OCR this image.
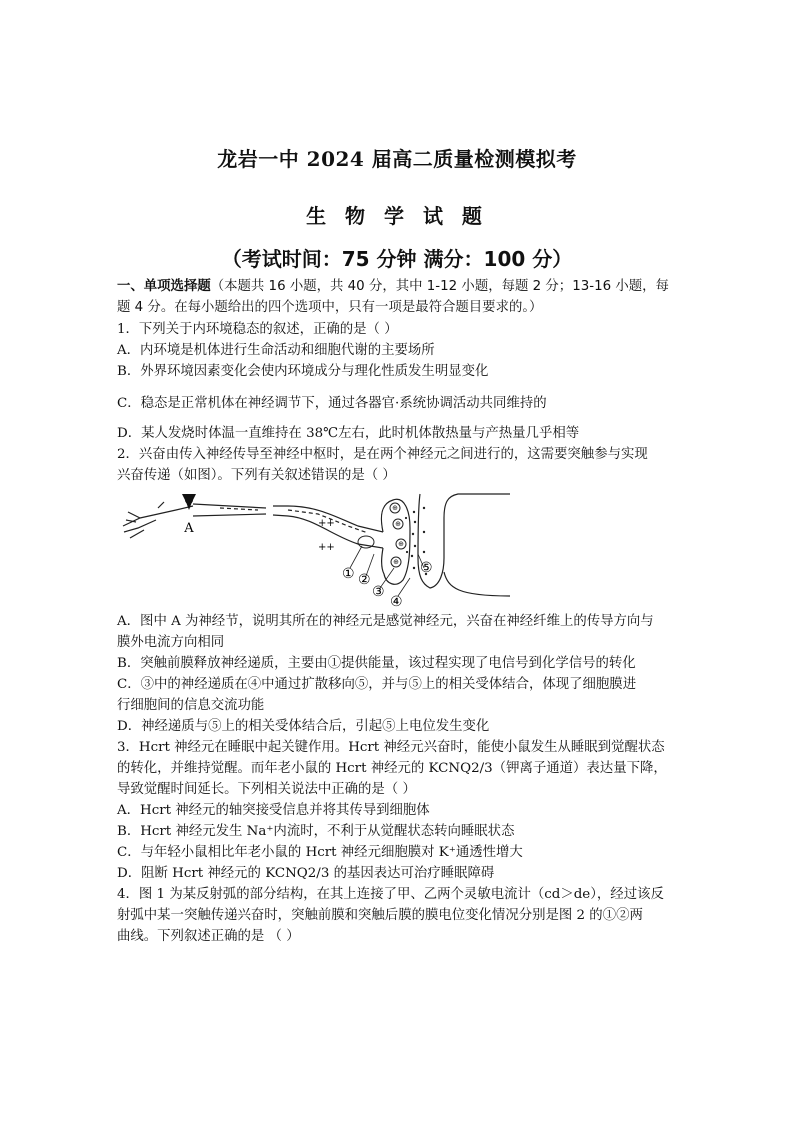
龙岩一中 2024 届高二质量检测模拟考
生 物 学 试 题
（考试时间：75 分钟 满分：100 分）
一、单项选择题（本题共 16 小题，共 40 分，其中 1-12 小题，每题 2 分；13-16 小题，每
题 4 分。在每小题给出的四个选项中，只有一项是最符合题目要求的。）
1．下列关于内环境稳态的叙述，正确的是（ ）
A．内环境是机体进行生命活动和细胞代谢的主要场所
B．外界环境因素变化会使内环境成分与理化性质发生明显变化
C．稳态是正常机体在神经调节下，通过各器官·系统协调活动共同维持的
D．某人发烧时体温一直维持在 38℃左右，此时机体散热量与产热量几乎相等
2．兴奋由传入神经传导至神经中枢时，是在两个神经元之间进行的，这需要突触参与实现
兴奋传递（如图）。下列有关叙述错误的是（ ）
⊕
⊕
⊕
⊕
A	++
++
① ②
③
④
⑤
A．图中 A 为神经节，说明其所在的神经元是感觉神经元，兴奋在神经纤维上的传导方向与
膜外电流方向相同
B．突触前膜释放神经递质，主要由①提供能量，该过程实现了电信号到化学信号的转化
C．③中的神经递质在④中通过扩散移向⑤，并与⑤上的相关受体结合，体现了细胞膜进
行细胞间的信息交流功能
D．神经递质与⑤上的相关受体结合后，引起⑤上电位发生变化
3．Hcrt 神经元在睡眠中起关键作用。Hcrt 神经元兴奋时，能使小鼠发生从睡眠到觉醒状态
的转化，并维持觉醒。而年老小鼠的 Hcrt 神经元的 KCNQ2/3（钾离子通道）表达量下降，
导致觉醒时间延长。下列相关说法中正确的是（ ）
A．Hcrt 神经元的轴突接受信息并将其传导到细胞体
B．Hcrt 神经元发生 Na⁺内流时，不利于从觉醒状态转向睡眠状态
C．与年轻小鼠相比年老小鼠的 Hcrt 神经元细胞膜对 K⁺通透性增大
D．阻断 Hcrt 神经元的 KCNQ2/3 的基因表达可治疗睡眠障碍
4．图 1 为某反射弧的部分结构，在其上连接了甲、乙两个灵敏电流计（cd＞de），经过该反
射弧中某一突触传递兴奋时，突触前膜和突触后膜的膜电位变化情况分别是图 2 的①②两
曲线。下列叙述正确的是 （ ）
